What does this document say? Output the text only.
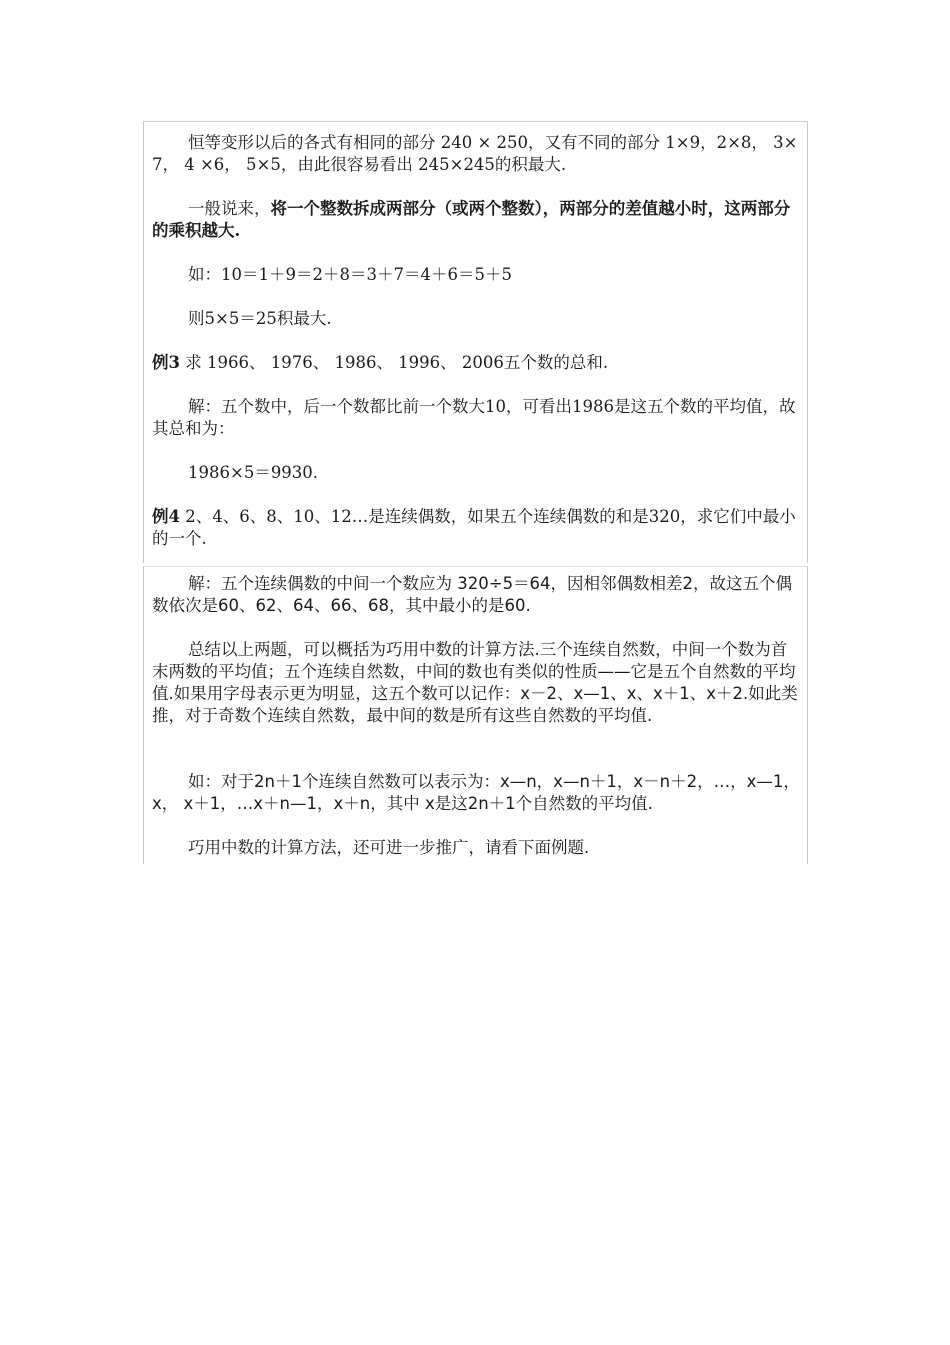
恒等变形以后的各式有相同的部分 240 × 250，又有不同的部分 1×9，2×8， 3×7， 4 ×6， 5×5，由此很容易看出 245×245的积最大.

一般说来，将一个整数拆成两部分（或两个整数），两部分的差值越小时，这两部分的乘积越大.

如：10＝1＋9＝2＋8＝3＋7＝4＋6＝5＋5

则5×5＝25积最大.

例3 求 1966、 1976、 1986、 1996、 2006五个数的总和.

解：五个数中，后一个数都比前一个数大10，可看出1986是这五个数的平均值，故其总和为：

1986×5＝9930.

例4 2、4、6、8、10、12…是连续偶数，如果五个连续偶数的和是320，求它们中最小的一个.

解：五个连续偶数的中间一个数应为 320÷5＝64，因相邻偶数相差2，故这五个偶数依次是60、62、64、66、68，其中最小的是60.

总结以上两题，可以概括为巧用中数的计算方法.三个连续自然数，中间一个数为首末两数的平均值；五个连续自然数，中间的数也有类似的性质——它是五个自然数的平均值.如果用字母表示更为明显，这五个数可以记作：x－2、x—1、x、x＋1、x＋2.如此类推，对于奇数个连续自然数，最中间的数是所有这些自然数的平均值.

如：对于2n＋1个连续自然数可以表示为：x—n，x—n＋1，x－n＋2，…，x—1， x， x＋1，…x＋n—1，x＋n，其中 x是这2n＋1个自然数的平均值.

巧用中数的计算方法，还可进一步推广，请看下面例题.
